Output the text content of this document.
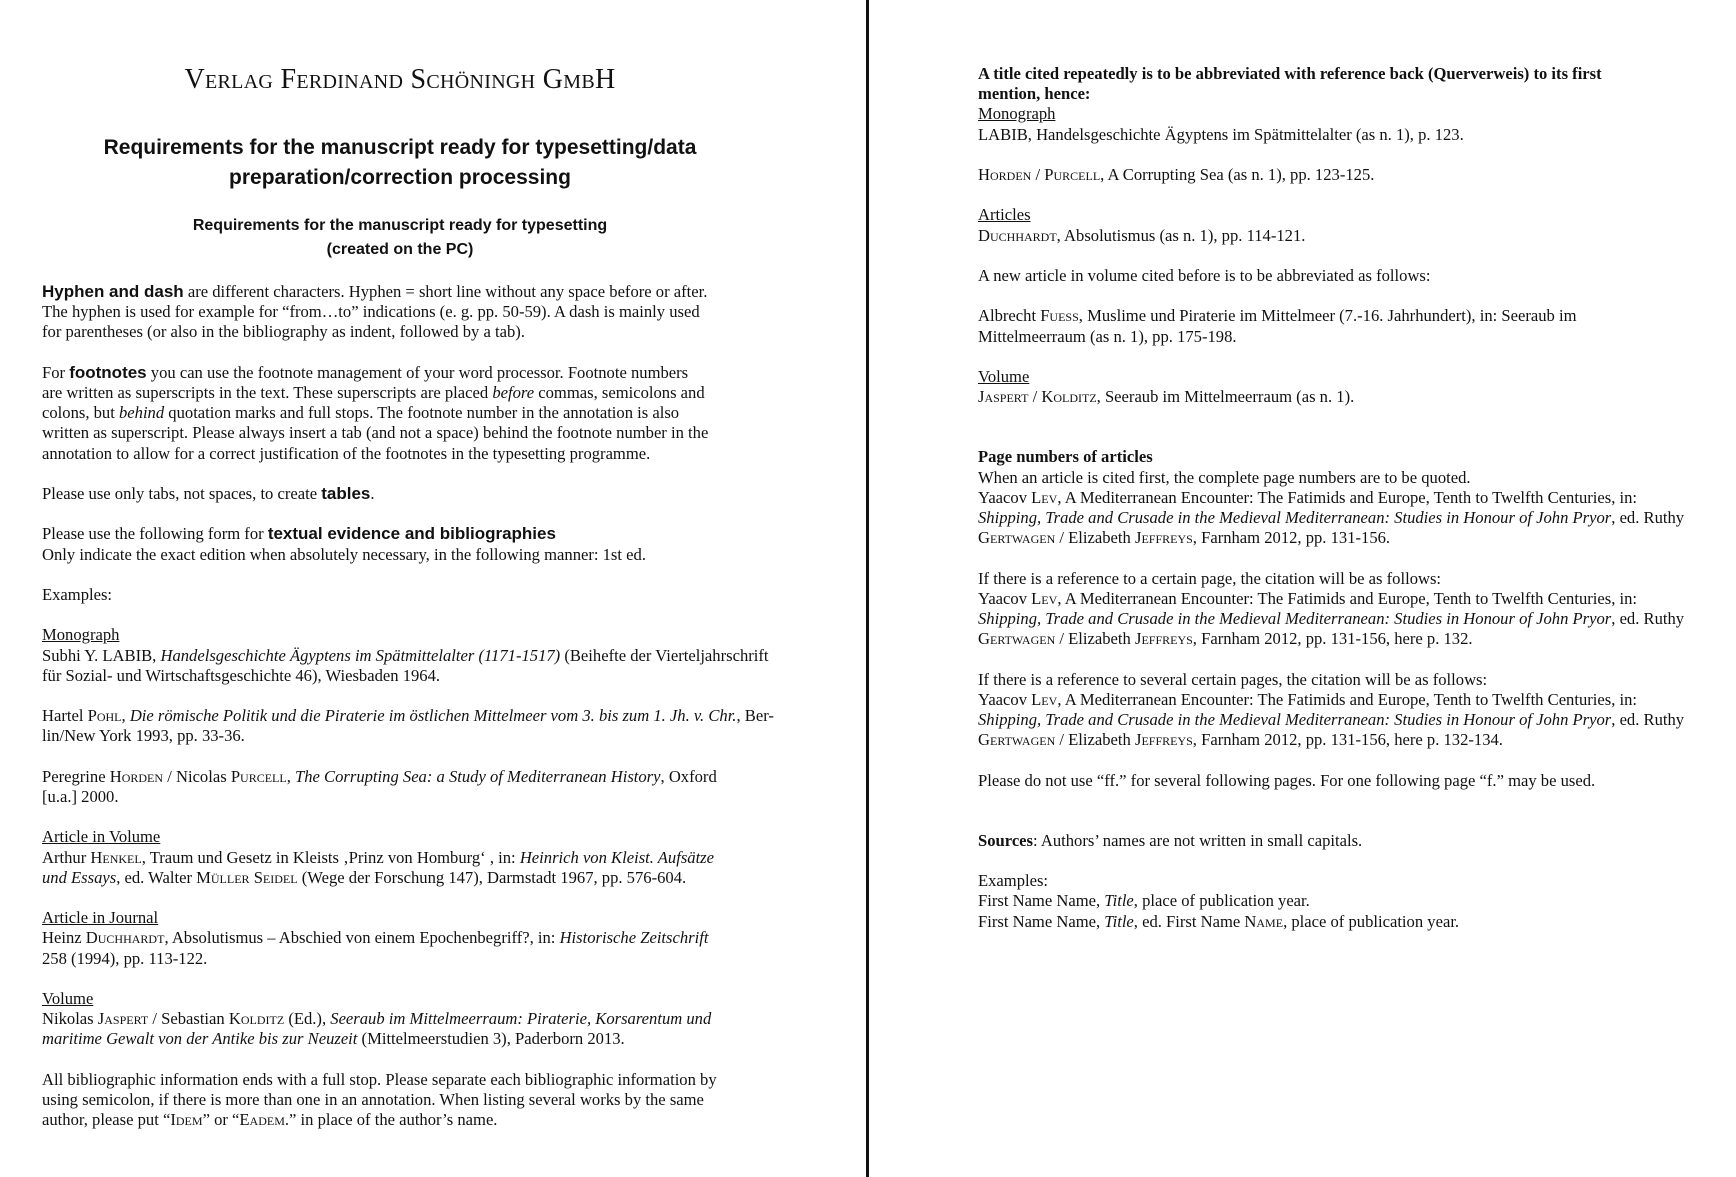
Verlag Ferdinand Schöningh GmbH
Requirements for the manuscript ready for typesetting/data
preparation/correction processing
Requirements for the manuscript ready for typesetting
(created on the PC)

Hyphen and dash are different characters. Hyphen = short line without any space before or after.
The hyphen is used for example for “from…to” indications (e. g. pp. 50-59). A dash is mainly used
for parentheses (or also in the bibliography as indent, followed by a tab).

For footnotes you can use the footnote management of your word processor. Footnote numbers
are written as superscripts in the text. These superscripts are placed before commas, semicolons and
colons, but behind quotation marks and full stops. The footnote number in the annotation is also
written as superscript. Please always insert a tab (and not a space) behind the footnote number in the
annotation to allow for a correct justification of the footnotes in the typesetting programme.

Please use only tabs, not spaces, to create tables.

Please use the following form for textual evidence and bibliographies
Only indicate the exact edition when absolutely necessary, in the following manner: 1st ed.

Examples:

Monograph
Subhi Y. LABIB, Handelsgeschichte Ägyptens im Spätmittelalter (1171-1517) (Beihefte der Vierteljahrschrift
für Sozial- und Wirtschaftsgeschichte 46), Wiesbaden 1964.

Hartel Pohl, Die römische Politik und die Piraterie im östlichen Mittelmeer vom 3. bis zum 1. Jh. v. Chr., Ber-
lin/New York 1993, pp. 33-36.

Peregrine Horden / Nicolas Purcell, The Corrupting Sea: a Study of Mediterranean History, Oxford
[u.a.] 2000.

Article in Volume
Arthur Henkel, Traum und Gesetz in Kleists ‚Prinz von Homburg‘ , in: Heinrich von Kleist. Aufsätze
und Essays, ed. Walter Müller Seidel (Wege der Forschung 147), Darmstadt 1967, pp. 576-604.

Article in Journal
Heinz Duchhardt, Absolutismus – Abschied von einem Epochenbegriff?, in: Historische Zeitschrift
258 (1994), pp. 113-122.

Volume
Nikolas Jaspert / Sebastian Kolditz (Ed.), Seeraub im Mittelmeerraum: Piraterie, Korsarentum und
maritime Gewalt von der Antike bis zur Neuzeit (Mittelmeerstudien 3), Paderborn 2013.

All bibliographic information ends with a full stop. Please separate each bibliographic information by
using semicolon, if there is more than one in an annotation. When listing several works by the same
author, please put “Idem” or “Eadem.” in place of the author’s name.

A title cited repeatedly is to be abbreviated with reference back (Querverweis) to its first
mention, hence:
Monograph
LABIB, Handelsgeschichte Ägyptens im Spätmittelalter (as n. 1), p. 123.

Horden / Purcell, A Corrupting Sea (as n. 1), pp. 123-125.

Articles
Duchhardt, Absolutismus (as n. 1), pp. 114-121.

A new article in volume cited before is to be abbreviated as follows:

Albrecht Fuess, Muslime und Piraterie im Mittelmeer (7.-16. Jahrhundert), in: Seeraub im
Mittelmeerraum (as n. 1), pp. 175-198.

Volume
Jaspert / Kolditz, Seeraub im Mittelmeerraum (as n. 1).

Page numbers of articles
When an article is cited first, the complete page numbers are to be quoted.
Yaacov Lev, A Mediterranean Encounter: The Fatimids and Europe, Tenth to Twelfth Centuries, in:
Shipping, Trade and Crusade in the Medieval Mediterranean: Studies in Honour of John Pryor, ed. Ruthy
Gertwagen / Elizabeth Jeffreys, Farnham 2012, pp. 131-156.

If there is a reference to a certain page, the citation will be as follows:
Yaacov Lev, A Mediterranean Encounter: The Fatimids and Europe, Tenth to Twelfth Centuries, in:
Shipping, Trade and Crusade in the Medieval Mediterranean: Studies in Honour of John Pryor, ed. Ruthy
Gertwagen / Elizabeth Jeffreys, Farnham 2012, pp. 131-156, here p. 132.

If there is a reference to several certain pages, the citation will be as follows:
Yaacov Lev, A Mediterranean Encounter: The Fatimids and Europe, Tenth to Twelfth Centuries, in:
Shipping, Trade and Crusade in the Medieval Mediterranean: Studies in Honour of John Pryor, ed. Ruthy
Gertwagen / Elizabeth Jeffreys, Farnham 2012, pp. 131-156, here p. 132-134.

Please do not use “ff.” for several following pages. For one following page “f.” may be used.

Sources: Authors’ names are not written in small capitals.

Examples:
First Name Name, Title, place of publication year.
First Name Name, Title, ed. First Name Name, place of publication year.
